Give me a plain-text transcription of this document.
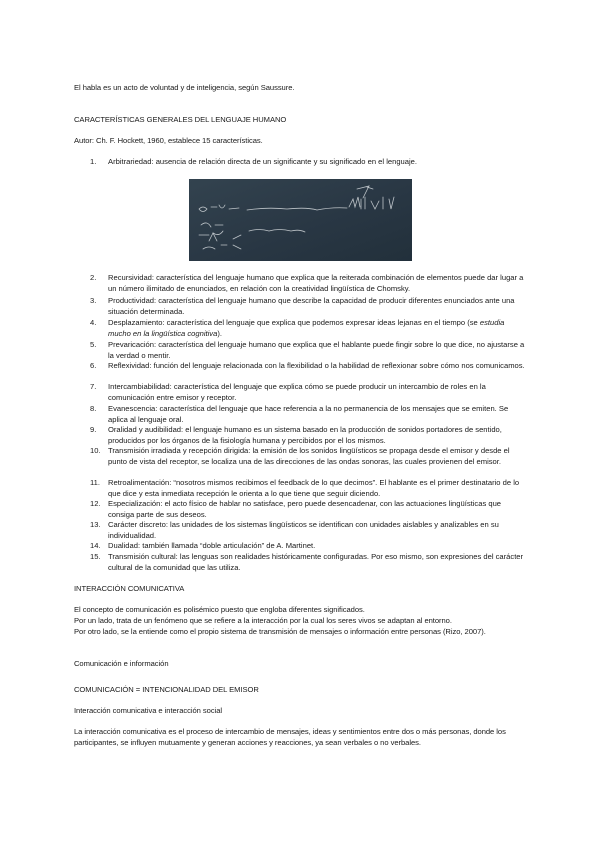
El habla es un acto de voluntad y de inteligencia, según Saussure.

CARACTERÍSTICAS GENERALES DEL LENGUAJE HUMANO

Autor: Ch. F. Hockett, 1960, establece 15 características.

1.	Arbitrariedad: ausencia de relación directa de un significante y su significado en el lenguaje.
2.	Recursividad: característica del lenguaje humano que explica que la reiterada combinación de elementos puede dar lugar a un número ilimitado de enunciados, en relación con la creatividad lingüística de Chomsky.
3.	Productividad: característica del lenguaje humano que describe la capacidad de producir diferentes enunciados ante una situación determinada.
4.	Desplazamiento: característica del lenguaje que explica que podemos expresar ideas lejanas en el tiempo (se estudia mucho en la lingüística cognitiva).
5.	Prevaricación: característica del lenguaje humano que explica que el hablante puede fingir sobre lo que dice, no ajustarse a la verdad o mentir.
6.	Reflexividad: función del lenguaje relacionada con la flexibilidad o la habilidad de reflexionar sobre cómo nos comunicamos.
7.	Intercambiabilidad: característica del lenguaje que explica cómo se puede producir un intercambio de roles en la comunicación entre emisor y receptor.
8.	Evanescencia: característica del lenguaje que hace referencia a la no permanencia de los mensajes que se emiten. Se aplica al lenguaje oral.
9.	Oralidad y audibilidad: el lenguaje humano es un sistema basado en la producción de sonidos portadores de sentido, producidos por los órganos de la fisiología humana y percibidos por el los mismos.
10. Transmisión irradiada y recepción dirigida: la emisión de los sonidos lingüísticos se propaga desde el emisor y desde el punto de vista del receptor, se localiza una de las direcciones de las ondas sonoras, las cuales provienen del emisor.
11.	Retroalimentación: “nosotros mismos recibimos el feedback de lo que decimos”. El hablante es el primer destinatario de lo que dice y esta inmediata recepción le orienta a lo que tiene que seguir diciendo.
12. Especialización: el acto físico de hablar no satisface, pero puede desencadenar, con las actuaciones lingüísticas que consiga parte de sus deseos.
13. Carácter discreto: las unidades de los sistemas lingüísticos se identifican con unidades aislables y analizables en su individualidad.
14. Dualidad: también llamada “doble articulación” de A. Martinet.
15. Transmisión cultural: las lenguas son realidades históricamente configuradas. Por eso mismo, son expresiones del carácter cultural de la comunidad que las utiliza.

INTERACCIÓN COMUNICATIVA

El concepto de comunicación es polisémico puesto que engloba diferentes significados.

Por un lado, trata de un fenómeno que se refiere a la interacción por la cual los seres vivos se adaptan al entorno.

Por otro lado, se la entiende como el propio sistema de transmisión de mensajes o información entre personas (Rizo, 2007).

Comunicación e información

COMUNICACIÓN = INTENCIONALIDAD DEL EMISOR

Interacción comunicativa e interacción social

La interacción comunicativa es el proceso de intercambio de mensajes, ideas y sentimientos entre dos o más personas, donde los participantes, se influyen mutuamente y generan acciones y reacciones, ya sean verbales o no verbales.
